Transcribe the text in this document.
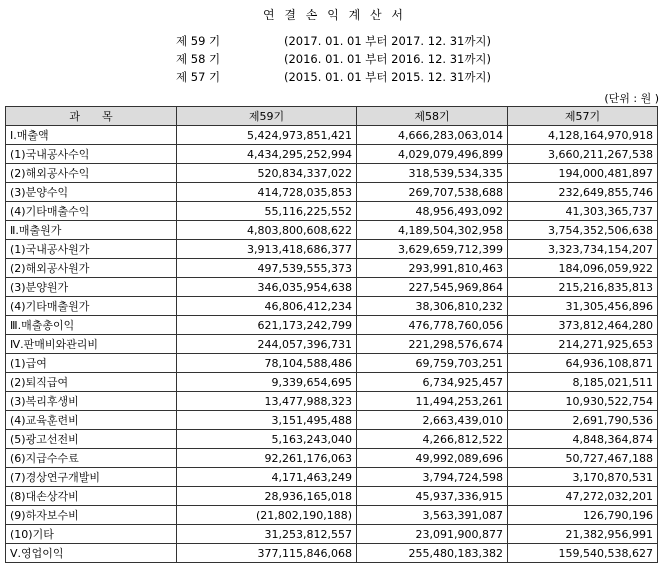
연 결 손 익 계 산 서
제 59 기	(2017. 01. 01 부터 2017. 12. 31까지)
제 58 기	(2016. 01. 01 부터 2016. 12. 31까지)
제 57 기	(2015. 01. 01 부터 2015. 12. 31까지)
(단위 : 원 )
과　　목	제59기	제58기	제57기
Ⅰ.매출액	5,424,973,851,421	4,666,283,063,014	4,128,164,970,918
(1)국내공사수익	4,434,295,252,994	4,029,079,496,899	3,660,211,267,538
(2)해외공사수익	520,834,337,022	318,539,534,335	194,000,481,897
(3)분양수익	414,728,035,853	269,707,538,688	232,649,855,746
(4)기타매출수익	55,116,225,552	48,956,493,092	41,303,365,737
Ⅱ.매출원가	4,803,800,608,622	4,189,504,302,958	3,754,352,506,638
(1)국내공사원가	3,913,418,686,377	3,629,659,712,399	3,323,734,154,207
(2)해외공사원가	497,539,555,373	293,991,810,463	184,096,059,922
(3)분양원가	346,035,954,638	227,545,969,864	215,216,835,813
(4)기타매출원가	46,806,412,234	38,306,810,232	31,305,456,896
Ⅲ.매출총이익	621,173,242,799	476,778,760,056	373,812,464,280
Ⅳ.판매비와관리비	244,057,396,731	221,298,576,674	214,271,925,653
(1)급여	78,104,588,486	69,759,703,251	64,936,108,871
(2)퇴직급여	9,339,654,695	6,734,925,457	8,185,021,511
(3)복리후생비	13,477,988,323	11,494,253,261	10,930,522,754
(4)교육훈련비	3,151,495,488	2,663,439,010	2,691,790,536
(5)광고선전비	5,163,243,040	4,266,812,522	4,848,364,874
(6)지급수수료	92,261,176,063	49,992,089,696	50,727,467,188
(7)경상연구개발비	4,171,463,249	3,794,724,598	3,170,870,531
(8)대손상각비	28,936,165,018	45,937,336,915	47,272,032,201
(9)하자보수비	(21,802,190,188)	3,563,391,087	126,790,196
(10)기타	31,253,812,557	23,091,900,877	21,382,956,991
Ⅴ.영업이익	377,115,846,068	255,480,183,382	159,540,538,627
